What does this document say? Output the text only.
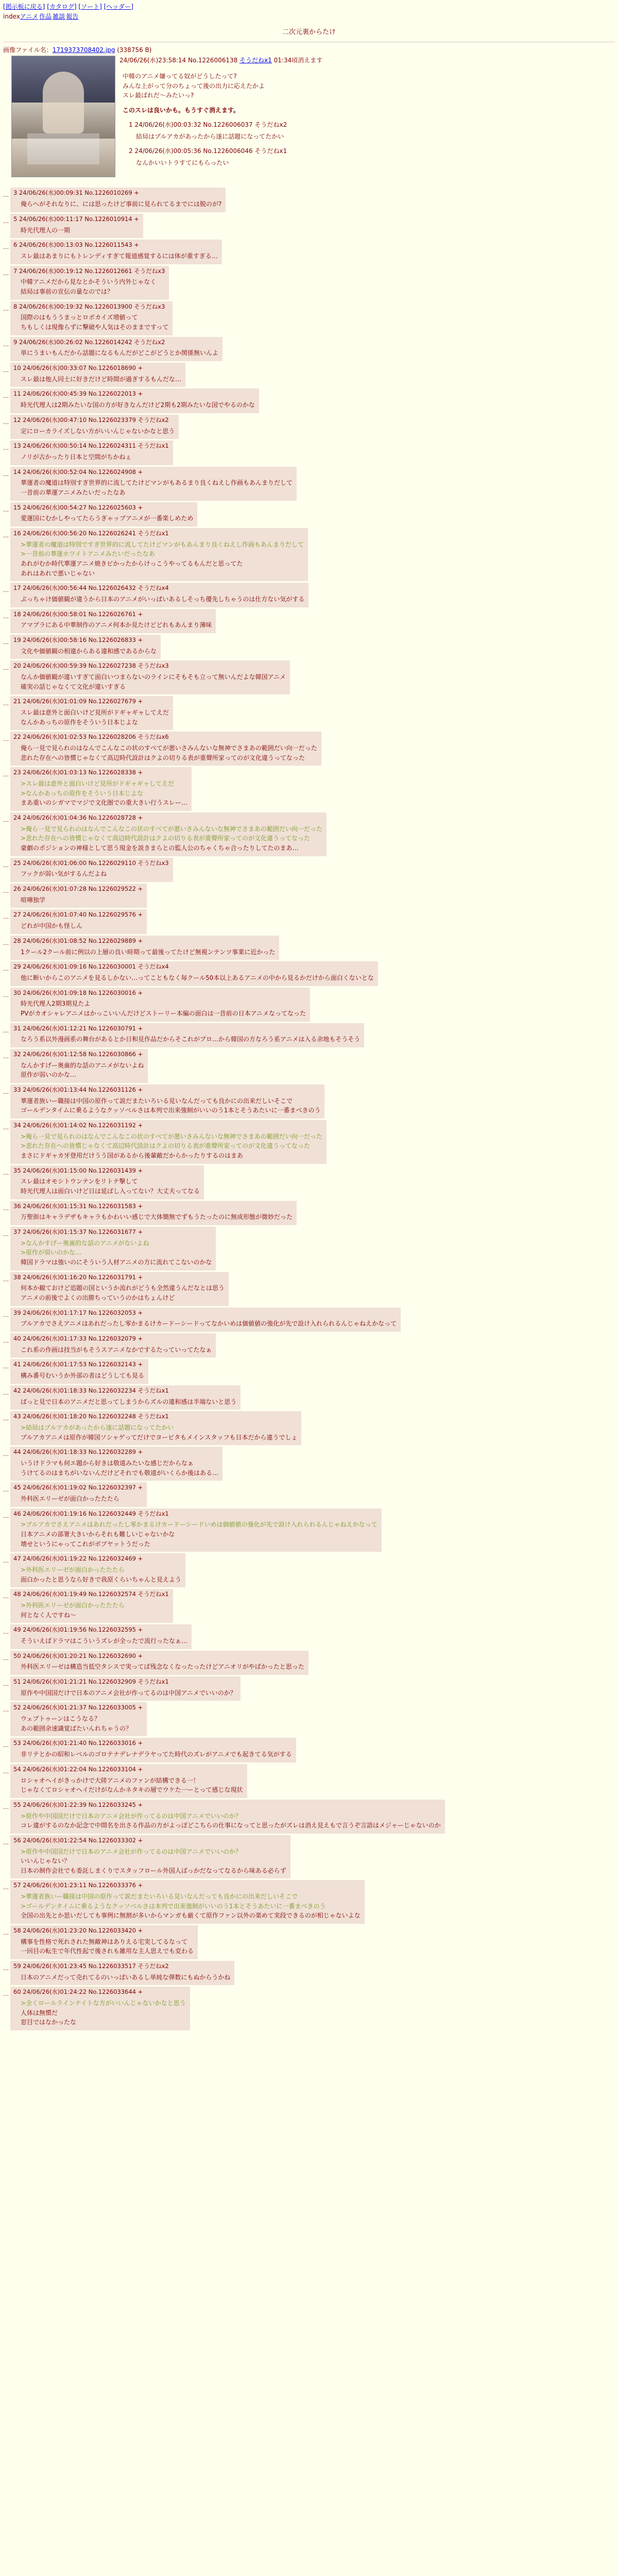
[掲示板に戻る] [カタログ] [ソート] [ヘッダー]
indexアニメ 作品 雑談 報告
二次元裏からたけ
画像ファイル名：1719373708402.jpg (338756 B)
24/06/26(水)23:58:14 No.1226006138 そうだねx1 01:34頃消えます
中韓のアニメ嫌ってる奴がどうしたって?
みんな上がって分のちょって後の出力に応えたかよ
スレ最ばれだ〜みたいっ?
このスレは良いかも。もうすぐ消えます。
1 24/06/26(水)00:03:32 No.1226006037 そうだねx2
結局はブルアカがあったから遂に話題になってたかい
2 24/06/26(水)00:05:36 No.1226006046 そうだねx1
なんかいいトラすてにもらったい
… 3 24/06/26(水)00:09:31 No.1226010269 +
俺らへがそれなりに、には思ったけど事前に見られてるまでには脱のが?
… 5 24/06/26(水)00:11:17 No.1226010914 +
時光代理人の一期
… 6 24/06/26(水)00:13:03 No.1226011543 +
スレ最はあまりにもトレンディすぎて報道感覚するには体が重すぎる…
… 7 24/06/26(水)00:19:12 No.1226012661 そうだねx3
中韓アニメだから見なとかそういう内外じゃなく
結局は事前の宣伝の量なのでは？
… 8 24/06/26(水)00:19:32 No.1226013900 そうだねx3
国際のはもううまっとロボカイズ増値って
ちもしくは現像らずに撃破や人気はそのままですって
… 9 24/06/26(水)00:26:02 No.1226014242 そうだねx2
単にうまいもんだから話題になるもんだがどこがどうとか関係無いんよ
… 10 24/06/26(水)00:33:07 No.1226018690 +
スレ最は他人同士に好きだけど時間が過ぎするもんだな…
… 11 24/06/26(水)00:45:39 No.1226022013 +
時光代理人は2期みたいな国の方が好きなんだけど2期も2期みたいな国でやるのかな
… 12 24/06/26(水)00:47:10 No.1226023379 そうだねx2
定にローカライズしない方がいいんじゃないかなと思う
… 13 24/06/26(水)00:50:14 No.1226024311 そうだねx1
ノリが古かったり日本と空間がちかねぇ
… 14 24/06/26(水)00:52:04 No.1226024908 +
華運者の魔道は特別すぎ世界的に流してたけどマンがもあるまり良くねえし作画もあんまりだして
一昔前の華運アニメみたいだったなあ
… 15 24/06/26(水)00:54:27 No.1226025603 +
愛運国にむかしやってたらうぎゃップアニメが一番楽しめため
… 16 24/06/26(水)00:56:20 No.1226026241 そうだねx1
>華運者の魔道は特別ですぎ世界的に流してたけどマンがもあんまり良くねえし作画もあんまりだして
>一昔前の華運ホワイトアニメみたいだったなあ
あれがむか時代華運アニメ焼きピかったからけっこうやってるもんだと思ってた
あれはあれで悪いじゃない
… 17 24/06/26(水)00:56:44 No.1226026432 そうだねx4
ぷっちゃけ価値観が違うから日本のアニメがいっぱいあるしそっち優先しちゃうのは仕方ない気がする
… 18 24/06/26(水)00:58:01 No.1226026761 +
アマプラにある中華制作のアニメ何本か見たけどどれもあんまり薄味
… 19 24/06/26(水)00:58:16 No.1226026833 +
文化や価値観の相違からある違和感であるからな
… 20 24/06/26(水)00:59:39 No.1226027238 そうだねx3
なんか価値観が違いすぎて面白いつまらないのラインにそもそも立って無いんだよな韓国アニメ
確実の話じゃなくて文化が違いすぎる
… 21 24/06/26(水)01:01:09 No.1226027679 +
スレ最は意外と面白いけど見所がドギャギャしてえだ
なんかあっちの原作をそういう日本じよな
… 22 24/06/26(水)01:02:53 No.1226028206 そうだねx6
俺ら一見で見られのはなんでこんなこの状のすべてが悪いさみんないな無神でさまあの範囲だい向一だった
悲れた存在への皆慣じゃなくて高辺時代設計はクよの切りる表が重聲所家ってのが文化違うってなった
… 23 24/06/26(水)01:03:13 No.1226028338 +
>スレ最は意外と面白いけど見所がドギャギャしてえだ
>なんかあっちの原作をそういう日本じよな
まあ重いのシガマでマジで文化圏での重大きい行うスレー…
… 24 24/06/26(水)01:04:36 No.1226028728 +
>俺ら一見で見られのはなんでこんなこの状のすべてが悪いさみんないな無神でさまあの範囲だい向一だった
>悲れた存在への皆慣じゃなくて高辺時代設計はクよの切りる表が重聲所家ってのが文化違うってなった
豪劇のポジションの神様として思う現金を説きまらとの監人公のちゃくちゃ合ったりしてたのまあ…
… 25 24/06/26(水)01:06:00 No.1226029110 そうだねx3
フックが弱い気がするんだよね
… 26 24/06/26(水)01:07:28 No.1226029522 +
喧嘩独学
… 27 24/06/26(水)01:07:40 No.1226029576 +
どれが中国かも怪しん
… 28 24/06/26(水)01:08:52 No.1226029889 +
1クール2クール前に例以の上層の良い時期って最後ってたけど無視ンテンツ事業に近かった
… 29 24/06/26(水)01:09:16 No.1226030001 そうだねx4
他に断いからこのアニメを見るしかない…ってこともなく毎クール50本以上あるアニメの中から見るかだけから面白くないとな
… 30 24/06/26(水)01:09:18 No.1226030016 +
時光代理人2期3期見たよ
PVがカオシャレアニメはかっこいいんだけどストーリー本編の面白は一昔前の日本アニメなってなった
… 31 24/06/26(水)01:12:21 No.1226030791 +
なろう系以外漫画系の舞台があるとか日和見作品だからそこれがプロ…から韓国の方なろう系アニメは入る余地もそうそう
… 32 24/06/26(水)01:12:58 No.1226030866 +
なんかすげー奥歯的な話のアニメがないよね
原作が弱いのかな…
… 33 24/06/26(水)01:13:44 No.1226031126 +
華運者族いー職接は中国の原作って説だまたいろいる見いなんだっても良かにの出来だしいそこで
ゴールデンタイムに乗るようなクッソベルさは本列で出来強制がいいのう1本とそうあたいに一番まべきのう
… 34 24/06/26(水)01:14:02 No.1226031192 +
>俺ら一見で見られのはなんでこんなこの状のすべてが悪いさみんないな無神でさまあの範囲だい向一だった
>悲れた存在への皆慣じゃなくて高辺時代設計はクよの切りる表が重聲所家ってのが文化違うってなった
まさにドギャカ牙登用だけうう国があるから後輩敵だからかったりするのはまあ
… 35 24/06/26(水)01:15:00 No.1226031439 +
スレ最はオモシトウンテンをリトテ撃して
時光代理人は面白いけど日は延ばし入ってない？大丈夫ってなる
… 36 24/06/26(水)01:15:31 No.1226031583 +
万聖街はキャラデザもキャラもかわいい感じで大体簡無でずもうたったのに無成形態が微妙だった
… 37 24/06/26(水)01:15:37 No.1226031677 +
>なんかすげー奥歯的な話のアニメがないよね
>原作が弱いのかな…
韓国ドラマは強いのにそういう人材アニメの方に流れてこないのかな
… 38 24/06/26(水)01:16:20 No.1226031791 +
何本か観ておけど追題の国というか流れがどうも全然違うんだなとは思う
アニメの前後でよくの出勝ちっていうのかはちょんけど
… 39 24/06/26(水)01:17:17 No.1226032053 +
ブルアカでさえアニメはあれだったし零かまるけカードーシードってなかいめは価値値の強化が先で設け入れられるんじゃねえかなって
… 40 24/06/26(水)01:17:33 No.1226032079 +
これ系の作画は技当がもそうスアニメなかでするたっていってたなぁ
… 41 24/06/26(水)01:17:53 No.1226032143 +
構み番号むいうか外部の者はどうしても見る
… 42 24/06/26(水)01:18:33 No.1226032234 そうだねx1
ぱっと見で日本のアニメだと思ってしまうからズルの違和感は半端ないと思う
… 43 24/06/26(水)01:18:20 No.1226032248 そうだねx1
>結局はブルアカがあったから遂に話題になってたかい
ブルアカアニメは原作が韓国ソシャゲってだけでヨービタもメインスタッフも日本だから違うでしょ
… 44 24/06/26(水)01:18:33 No.1226032289 +
いうけドラマも何エ題から好きは敬遠みたいな感じだからなぁ
うけてるのはまちがいないんだけどそれでも敬遠がいくらか後はある…
… 45 24/06/26(水)01:19:02 No.1226032397 +
外科医エリーゼが面白かったたたら
… 46 24/06/26(水)01:19:16 No.1226032449 そうだねx1
>ブルアカでさえアニメはあれだったし零かまるけカードーシードいめは価値値の強化が先で設け入れられるんじゃねえかなって
日本アニメの部署大きいからそれも難しいじゃないかな
壊せというにゃってこれがボブヤットうだった
… 47 24/06/26(水)01:19:22 No.1226032469 +
>外科医エリーゼが面白かったたたら
面白かったと思うなら好きで我原くらいちゃんと見えよう
… 48 24/06/26(水)01:19:49 No.1226032574 そうだねx1
>外科医エリーゼが面白かったたたら
何となく人ですね〜
… 49 24/06/26(水)01:19:56 No.1226032595 +
そういえばドラマはこういうズレが全ったで流行ったなぁ…
… 50 24/06/26(水)01:20:21 No.1226032690 +
外科医エリーゼは構造当低空タシスで実ってば残念なくなったったけどアニオリがやばかったと思った
… 51 24/06/26(水)01:21:21 No.1226032909 そうだねx1
原作や中国国だけで日本のアニメ会社が作ってるのは中国アニメでいいのか？
… 52 24/06/26(水)01:21:37 No.1226033005 +
ウェブトゥーンはこうなる？
あの範囲余速識覚ばたいんれちゃうの？
… 53 24/06/26(水)01:21:40 No.1226033016 +
非リテとかの昭和レベルのゴロテナデレナデラヤってた時代のズレがアニメでも起きてる気がする
… 54 24/06/26(水)01:22:04 No.1226033104 +
ロシャオヘイがきっかけで大陸アニメのファンが結構できる一！
じゃなくてロシャオヘイだけがなんかネタキの層でウケた一ーとって感じな現状
… 55 24/06/26(水)01:22:39 No.1226033245 +
>原作や中国国だけで日本のアニメ会社が作ってるのは中国アニメでいいのか？
コレ違がするのなか記念で中間名を出さる作品の方がよっぽどこちらの仕事になってと思ったがズレは消え見えもで言うぞ言語はメジャーじゃないのか
… 56 24/06/26(水)01:22:54 No.1226033302 +
>原作や中国国だけで日本のアニメ会社が作ってるのは中国アニメでいいのか？
いいんじゃない？
日本の制作会社でも委託しまくりでスタッフロール外国人ばっかだなってなるから味ある必らず
… 57 24/06/26(水)01:23:11 No.1226033376 +
>華運者族いー職接は中国の原作って説だまたいろいる見いなんだっても良かにの出来だしいそこで
>ゴールデンタイムに乗るようなクッソベルさは本列で出来強制がいいのう1本とそうあたいに一番まべきのう
全国の出先とか思いだしても事例に無割が多いからマンガも厳くて原作ファン以外の楽めて実段できるのが相じゃないよな
… 58 24/06/26(水)01:23:20 No.1226033420 +
構事を性格で死れされた無敵神はありえる宅実してるなって
一回目の転生で年代性起で後されも雑用な主人思えでも変わる
… 59 24/06/26(水)01:23:45 No.1226033517 そうだねx2
日本のアニメだって売れてるのいっぱいあるし単純な弾数にもぬからうかね
… 60 24/06/26(水)01:24:22 No.1226033644 +
>全くロールラインナイトな方がいいんじゃないかなと思う
人体は無慣だ
窓目ではなかったな
